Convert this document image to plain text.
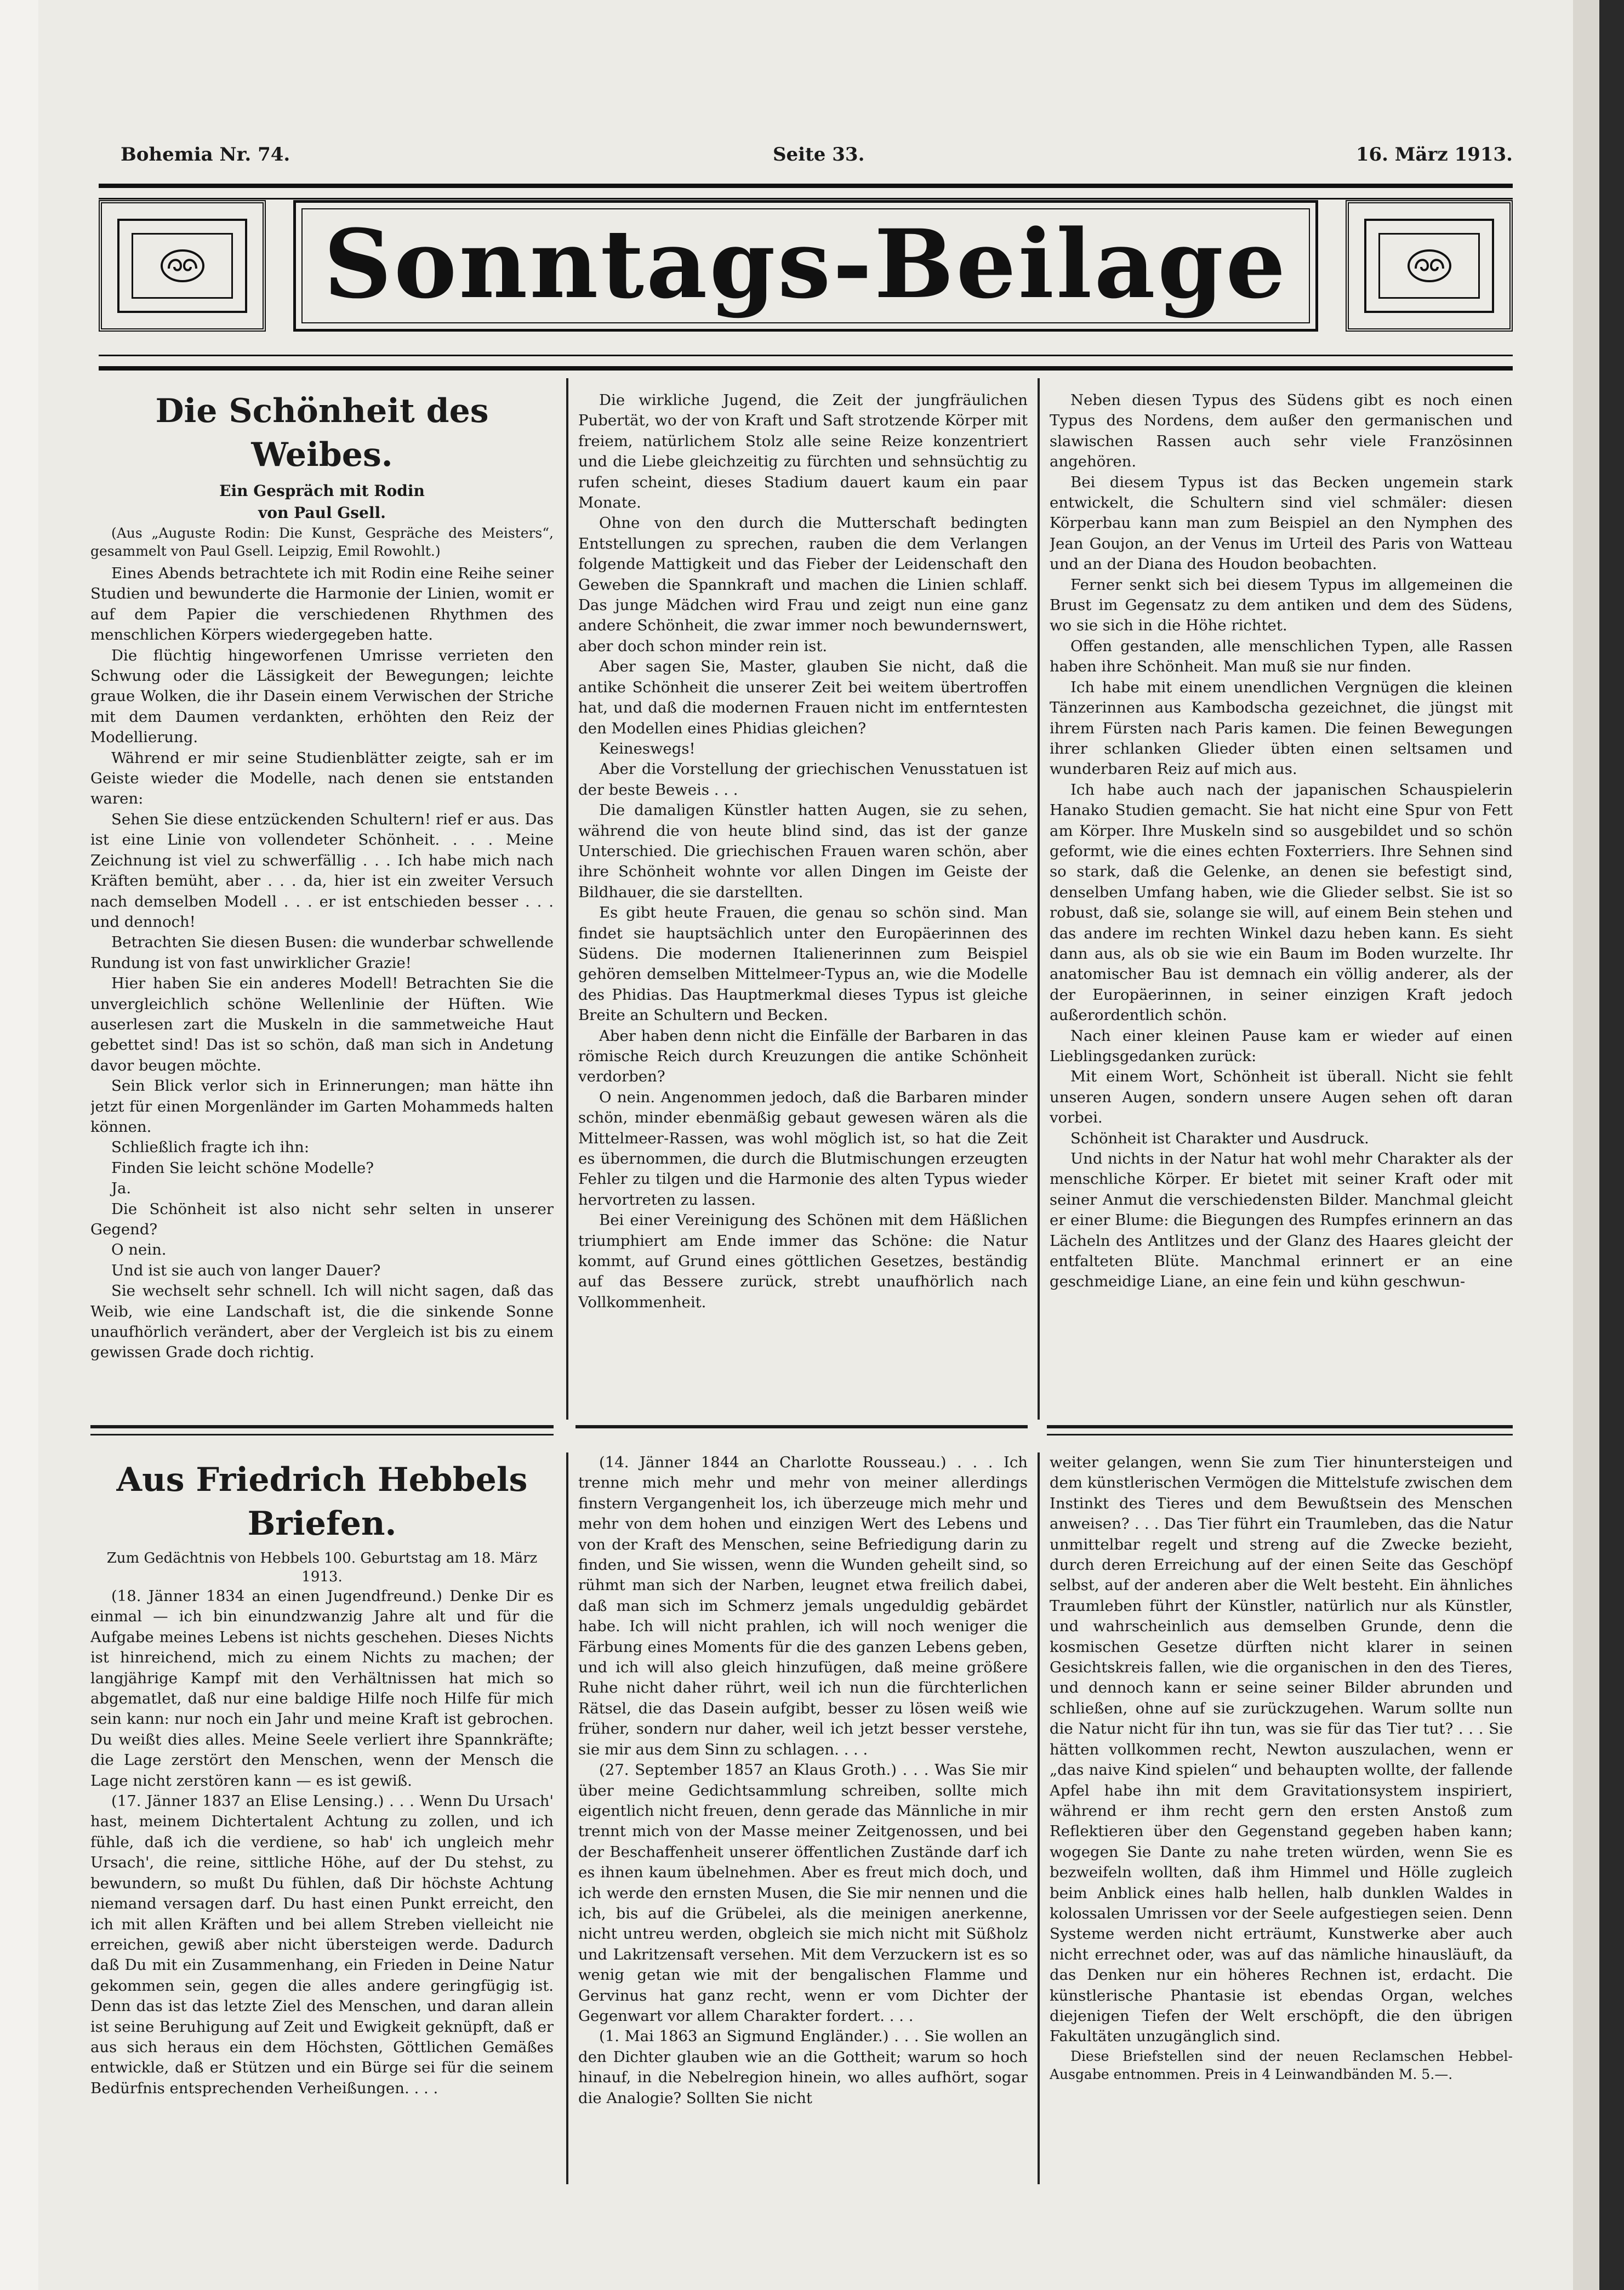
Bohemia Nr. 74.	Seite 33.	16. März 1913.
Sonntags-Beilage
Die Schönheit des Weibes.
Ein Gespräch mit Rodin
von Paul Gsell.
(Aus „Auguste Rodin: Die Kunst, Gespräche des Meisters“, gesammelt von Paul Gsell. Leipzig, Emil Rowohlt.)

Eines Abends betrachtete ich mit Rodin eine Reihe seiner Studien und bewunderte die Harmonie der Linien, womit er auf dem Papier die verschiedenen Rhythmen des menschlichen Körpers wiedergegeben hatte.

Die flüchtig hingeworfenen Umrisse verrieten den Schwung oder die Lässigkeit der Bewegungen; leichte graue Wolken, die ihr Dasein einem Verwischen der Striche mit dem Daumen verdankten, erhöhten den Reiz der Modellierung.

Während er mir seine Studienblätter zeigte, sah er im Geiste wieder die Modelle, nach denen sie entstanden waren:

Sehen Sie diese entzückenden Schultern! rief er aus. Das ist eine Linie von vollendeter Schönheit. . . . Meine Zeichnung ist viel zu schwerfällig . . . Ich habe mich nach Kräften bemüht, aber . . . da, hier ist ein zweiter Versuch nach demselben Modell . . . er ist entschieden besser . . . und dennoch!

Betrachten Sie diesen Busen: die wunderbar schwellende Rundung ist von fast unwirklicher Grazie!

Hier haben Sie ein anderes Modell! Betrachten Sie die unvergleichlich schöne Wellenlinie der Hüften. Wie auserlesen zart die Muskeln in die sammetweiche Haut gebettet sind! Das ist so schön, daß man sich in Andetung davor beugen möchte.

Sein Blick verlor sich in Erinnerungen; man hätte ihn jetzt für einen Morgenländer im Garten Mohammeds halten können.

Schließlich fragte ich ihn:

Finden Sie leicht schöne Modelle?

Ja.

Die Schönheit ist also nicht sehr selten in unserer Gegend?

O nein.

Und ist sie auch von langer Dauer?

Sie wechselt sehr schnell. Ich will nicht sagen, daß das Weib, wie eine Landschaft ist, die die sinkende Sonne unaufhörlich verändert, aber der Vergleich ist bis zu einem gewissen Grade doch richtig.

Die wirkliche Jugend, die Zeit der jungfräulichen Pubertät, wo der von Kraft und Saft strotzende Körper mit freiem, natürlichem Stolz alle seine Reize konzentriert und die Liebe gleichzeitig zu fürchten und sehnsüchtig zu rufen scheint, dieses Stadium dauert kaum ein paar Monate.

Ohne von den durch die Mutterschaft bedingten Entstellungen zu sprechen, rauben die dem Verlangen folgende Mattigkeit und das Fieber der Leidenschaft den Geweben die Spannkraft und machen die Linien schlaff. Das junge Mädchen wird Frau und zeigt nun eine ganz andere Schönheit, die zwar immer noch bewundernswert, aber doch schon minder rein ist.

Aber sagen Sie, Master, glauben Sie nicht, daß die antike Schönheit die unserer Zeit bei weitem übertroffen hat, und daß die modernen Frauen nicht im entferntesten den Modellen eines Phidias gleichen?

Keineswegs!

Aber die Vorstellung der griechischen Venusstatuen ist der beste Beweis . . .

Die damaligen Künstler hatten Augen, sie zu sehen, während die von heute blind sind, das ist der ganze Unterschied. Die griechischen Frauen waren schön, aber ihre Schönheit wohnte vor allen Dingen im Geiste der Bildhauer, die sie darstellten.

Es gibt heute Frauen, die genau so schön sind. Man findet sie hauptsächlich unter den Europäerinnen des Südens. Die modernen Italienerinnen zum Beispiel gehören demselben Mittelmeer-Typus an, wie die Modelle des Phidias. Das Hauptmerkmal dieses Typus ist gleiche Breite an Schultern und Becken.

Aber haben denn nicht die Einfälle der Barbaren in das römische Reich durch Kreuzungen die antike Schönheit verdorben?

O nein. Angenommen jedoch, daß die Barbaren minder schön, minder ebenmäßig gebaut gewesen wären als die Mittelmeer-Rassen, was wohl möglich ist, so hat die Zeit es übernommen, die durch die Blutmischungen erzeugten Fehler zu tilgen und die Harmonie des alten Typus wieder hervortreten zu lassen.

Bei einer Vereinigung des Schönen mit dem Häßlichen triumphiert am Ende immer das Schöne: die Natur kommt, auf Grund eines göttlichen Gesetzes, beständig auf das Bessere zurück, strebt unaufhörlich nach Vollkommenheit.

Neben diesen Typus des Südens gibt es noch einen Typus des Nordens, dem außer den germanischen und slawischen Rassen auch sehr viele Französinnen angehören.

Bei diesem Typus ist das Becken ungemein stark entwickelt, die Schultern sind viel schmäler: diesen Körperbau kann man zum Beispiel an den Nymphen des Jean Goujon, an der Venus im Urteil des Paris von Watteau und an der Diana des Houdon beobachten.

Ferner senkt sich bei diesem Typus im allgemeinen die Brust im Gegensatz zu dem antiken und dem des Südens, wo sie sich in die Höhe richtet.

Offen gestanden, alle menschlichen Typen, alle Rassen haben ihre Schönheit. Man muß sie nur finden.

Ich habe mit einem unendlichen Vergnügen die kleinen Tänzerinnen aus Kambodscha gezeichnet, die jüngst mit ihrem Fürsten nach Paris kamen. Die feinen Bewegungen ihrer schlanken Glieder übten einen seltsamen und wunderbaren Reiz auf mich aus.

Ich habe auch nach der japanischen Schauspielerin Hanako Studien gemacht. Sie hat nicht eine Spur von Fett am Körper. Ihre Muskeln sind so ausgebildet und so schön geformt, wie die eines echten Foxterriers. Ihre Sehnen sind so stark, daß die Gelenke, an denen sie befestigt sind, denselben Umfang haben, wie die Glieder selbst. Sie ist so robust, daß sie, solange sie will, auf einem Bein stehen und das andere im rechten Winkel dazu heben kann. Es sieht dann aus, als ob sie wie ein Baum im Boden wurzelte. Ihr anatomischer Bau ist demnach ein völlig anderer, als der der Europäerinnen, in seiner einzigen Kraft jedoch außerordentlich schön.

Nach einer kleinen Pause kam er wieder auf einen Lieblingsgedanken zurück:

Mit einem Wort, Schönheit ist überall. Nicht sie fehlt unseren Augen, sondern unsere Augen sehen oft daran vorbei.

Schönheit ist Charakter und Ausdruck.

Und nichts in der Natur hat wohl mehr Charakter als der menschliche Körper. Er bietet mit seiner Kraft oder mit seiner Anmut die verschiedensten Bilder. Manchmal gleicht er einer Blume: die Biegungen des Rumpfes erinnern an das Lächeln des Antlitzes und der Glanz des Haares gleicht der entfalteten Blüte. Manchmal erinnert er an eine geschmeidige Liane, an eine fein und kühn geschwun-

Aus Friedrich Hebbels Briefen.
Zum Gedächtnis von Hebbels 100. Geburtstag am 18. März 1913.

(18. Jänner 1834 an einen Jugendfreund.) Denke Dir es einmal — ich bin einundzwanzig Jahre alt und für die Aufgabe meines Lebens ist nichts geschehen. Dieses Nichts ist hinreichend, mich zu einem Nichts zu machen; der langjährige Kampf mit den Verhältnissen hat mich so abgematlet, daß nur eine baldige Hilfe noch Hilfe für mich sein kann: nur noch ein Jahr und meine Kraft ist gebrochen. Du weißt dies alles. Meine Seele verliert ihre Spannkräfte; die Lage zerstört den Menschen, wenn der Mensch die Lage nicht zerstören kann — es ist gewiß.

(17. Jänner 1837 an Elise Lensing.) . . . Wenn Du Ursach' hast, meinem Dichtertalent Achtung zu zollen, und ich fühle, daß ich die verdiene, so hab' ich ungleich mehr Ursach', die reine, sittliche Höhe, auf der Du stehst, zu bewundern, so mußt Du fühlen, daß Dir höchste Achtung niemand versagen darf. Du hast einen Punkt erreicht, den ich mit allen Kräften und bei allem Streben vielleicht nie erreichen, gewiß aber nicht übersteigen werde. Dadurch daß Du mit ein Zusammenhang, ein Frieden in Deine Natur gekommen sein, gegen die alles andere geringfügig ist. Denn das ist das letzte Ziel des Menschen, und daran allein ist seine Beruhigung auf Zeit und Ewigkeit geknüpft, daß er aus sich heraus ein dem Höchsten, Göttlichen Gemäßes entwickle, daß er Stützen und ein Bürge sei für die seinem Bedürfnis entsprechenden Verheißungen. . . .

(14. Jänner 1844 an Charlotte Rousseau.) . . . Ich trenne mich mehr und mehr von meiner allerdings finstern Vergangenheit los, ich überzeuge mich mehr und mehr von dem hohen und einzigen Wert des Lebens und von der Kraft des Menschen, seine Befriedigung darin zu finden, und Sie wissen, wenn die Wunden geheilt sind, so rühmt man sich der Narben, leugnet etwa freilich dabei, daß man sich im Schmerz jemals ungeduldig gebärdet habe. Ich will nicht prahlen, ich will noch weniger die Färbung eines Moments für die des ganzen Lebens geben, und ich will also gleich hinzufügen, daß meine größere Ruhe nicht daher rührt, weil ich nun die fürchterlichen Rätsel, die das Dasein aufgibt, besser zu lösen weiß wie früher, sondern nur daher, weil ich jetzt besser verstehe, sie mir aus dem Sinn zu schlagen. . . .

(27. September 1857 an Klaus Groth.) . . . Was Sie mir über meine Gedichtsammlung schreiben, sollte mich eigentlich nicht freuen, denn gerade das Männliche in mir trennt mich von der Masse meiner Zeitgenossen, und bei der Beschaffenheit unserer öffentlichen Zustände darf ich es ihnen kaum übelnehmen. Aber es freut mich doch, und ich werde den ernsten Musen, die Sie mir nennen und die ich, bis auf die Grübelei, als die meinigen anerkenne, nicht untreu werden, obgleich sie mich nicht mit Süßholz und Lakritzensaft versehen. Mit dem Verzuckern ist es so wenig getan wie mit der bengalischen Flamme und Gervinus hat ganz recht, wenn er vom Dichter der Gegenwart vor allem Charakter fordert. . . .

(1. Mai 1863 an Sigmund Engländer.) . . . Sie wollen an den Dichter glauben wie an die Gottheit; warum so hoch hinauf, in die Nebelregion hinein, wo alles aufhört, sogar die Analogie? Sollten Sie nicht

weiter gelangen, wenn Sie zum Tier hinuntersteigen und dem künstlerischen Vermögen die Mittelstufe zwischen dem Instinkt des Tieres und dem Bewußtsein des Menschen anweisen? . . . Das Tier führt ein Traumleben, das die Natur unmittelbar regelt und streng auf die Zwecke bezieht, durch deren Erreichung auf der einen Seite das Geschöpf selbst, auf der anderen aber die Welt besteht. Ein ähnliches Traumleben führt der Künstler, natürlich nur als Künstler, und wahrscheinlich aus demselben Grunde, denn die kosmischen Gesetze dürften nicht klarer in seinen Gesichtskreis fallen, wie die organischen in den des Tieres, und dennoch kann er seine seiner Bilder abrunden und schließen, ohne auf sie zurückzugehen. Warum sollte nun die Natur nicht für ihn tun, was sie für das Tier tut? . . . Sie hätten vollkommen recht, Newton auszulachen, wenn er „das naive Kind spielen“ und behaupten wollte, der fallende Apfel habe ihn mit dem Gravitationsystem inspiriert, während er ihm recht gern den ersten Anstoß zum Reflektieren über den Gegenstand gegeben haben kann; wogegen Sie Dante zu nahe treten würden, wenn Sie es bezweifeln wollten, daß ihm Himmel und Hölle zugleich beim Anblick eines halb hellen, halb dunklen Waldes in kolossalen Umrissen vor der Seele aufgestiegen seien. Denn Systeme werden nicht erträumt, Kunstwerke aber auch nicht errechnet oder, was auf das nämliche hinausläuft, da das Denken nur ein höheres Rechnen ist, erdacht. Die künstlerische Phantasie ist ebendas Organ, welches diejenigen Tiefen der Welt erschöpft, die den übrigen Fakultäten unzugänglich sind.

Diese Briefstellen sind der neuen Reclamschen Hebbel-Ausgabe entnommen. Preis in 4 Leinwandbänden M. 5.—.
